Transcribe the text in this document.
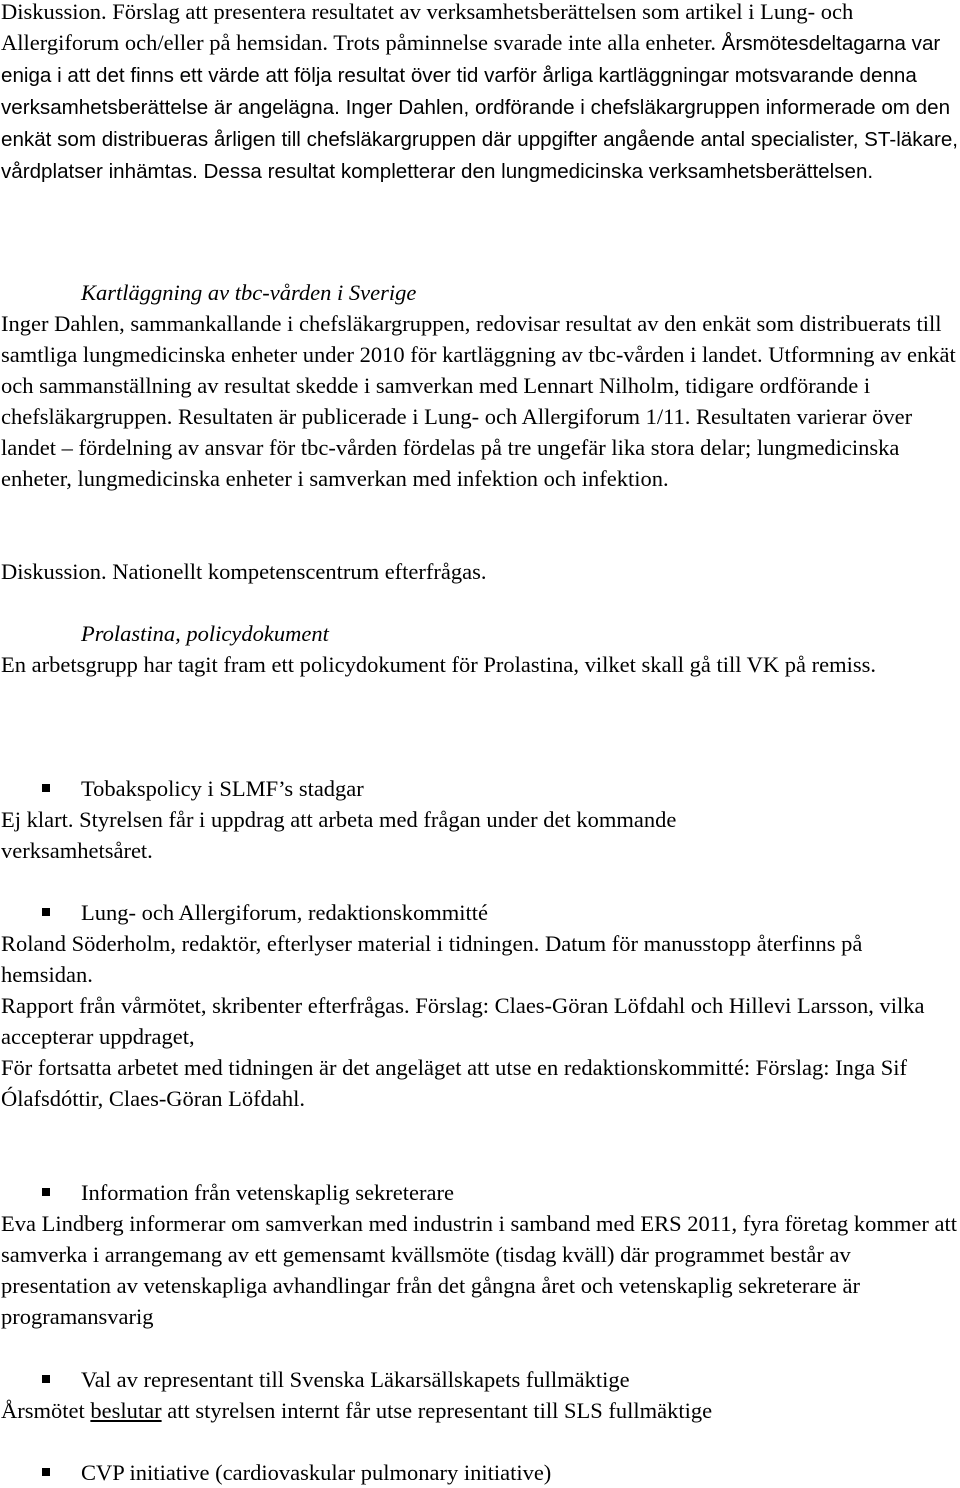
Diskussion. Förslag att presentera resultatet av verksamhetsberättelsen som artikel i Lung- och Allergiforum och/eller på hemsidan. Trots påminnelse svarade inte alla enheter. Årsmötesdeltagarna var eniga i att det finns ett värde att följa resultat över tid varför årliga kartläggningar motsvarande denna verksamhetsberättelse är angelägna. Inger Dahlen, ordförande i chefsläkargruppen informerade om den enkät som distribueras årligen till chefsläkargruppen där uppgifter angående antal specialister, ST-läkare, vårdplatser inhämtas. Dessa resultat kompletterar den lungmedicinska verksamhetsberättelsen.

Kartläggning av tbc-vården i Sverige

Inger Dahlen, sammankallande i chefsläkargruppen, redovisar resultat av den enkät som distribuerats till samtliga lungmedicinska enheter under 2010 för kartläggning av tbc-vården i landet. Utformning av enkät och sammanställning av resultat skedde i samverkan med Lennart Nilholm, tidigare ordförande i chefsläkargruppen. Resultaten är publicerade i Lung- och Allergiforum 1/11. Resultaten varierar över landet – fördelning av ansvar för tbc-vården fördelas på tre ungefär lika stora delar; lungmedicinska enheter, lungmedicinska enheter i samverkan med infektion och infektion.

Diskussion. Nationellt kompetenscentrum efterfrågas.

Prolastina, policydokument

En arbetsgrupp har tagit fram ett policydokument för Prolastina, vilket skall gå till VK på remiss.

Tobakspolicy i SLMF’s stadgar

Ej klart. Styrelsen får i uppdrag att arbeta med frågan under det kommande verksamhetsåret.

Lung- och Allergiforum, redaktionskommitté

Roland Söderholm, redaktör, efterlyser material i tidningen. Datum för manusstopp återfinns på hemsidan.

Rapport från vårmötet, skribenter efterfrågas. Förslag: Claes-Göran Löfdahl och Hillevi Larsson, vilka accepterar uppdraget,

För fortsatta arbetet med tidningen är det angeläget att utse en redaktionskommitté: Förslag: Inga Sif Ólafsdóttir, Claes-Göran Löfdahl.

Information från vetenskaplig sekreterare

Eva Lindberg informerar om samverkan med industrin i samband med ERS 2011, fyra företag kommer att samverka i arrangemang av ett gemensamt kvällsmöte (tisdag kväll) där programmet består av presentation av vetenskapliga avhandlingar från det gångna året och vetenskaplig sekreterare är programansvarig

Val av representant till Svenska Läkarsällskapets fullmäktige

Årsmötet beslutar att styrelsen internt får utse representant till SLS fullmäktige

CVP initiative (cardiovaskular pulmonary initiative)
